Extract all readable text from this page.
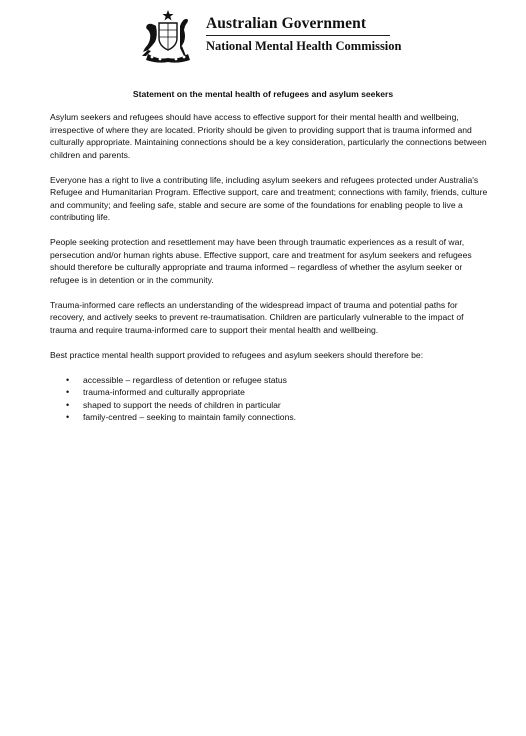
Australian Government
National Mental Health Commission
Statement on the mental health of refugees and asylum seekers

Asylum seekers and refugees should have access to effective support for their mental health and wellbeing, irrespective of where they are located. Priority should be given to providing support that is trauma informed and culturally appropriate. Maintaining connections should be a key consideration, particularly the connections between children and parents.

Everyone has a right to live a contributing life, including asylum seekers and refugees protected under Australia's Refugee and Humanitarian Program. Effective support, care and treatment; connections with family, friends, culture and community; and feeling safe, stable and secure are some of the foundations for enabling people to live a contributing life.

People seeking protection and resettlement may have been through traumatic experiences as a result of war, persecution and/or human rights abuse. Effective support, care and treatment for asylum seekers and refugees should therefore be culturally appropriate and trauma informed – regardless of whether the asylum seeker or refugee is in detention or in the community.

Trauma-informed care reflects an understanding of the widespread impact of trauma and potential paths for recovery, and actively seeks to prevent re-traumatisation. Children are particularly vulnerable to the impact of trauma and require trauma-informed care to support their mental health and wellbeing.

Best practice mental health support provided to refugees and asylum seekers should therefore be:

• accessible – regardless of detention or refugee status
• trauma-informed and culturally appropriate
• shaped to support the needs of children in particular
• family-centred – seeking to maintain family connections.
